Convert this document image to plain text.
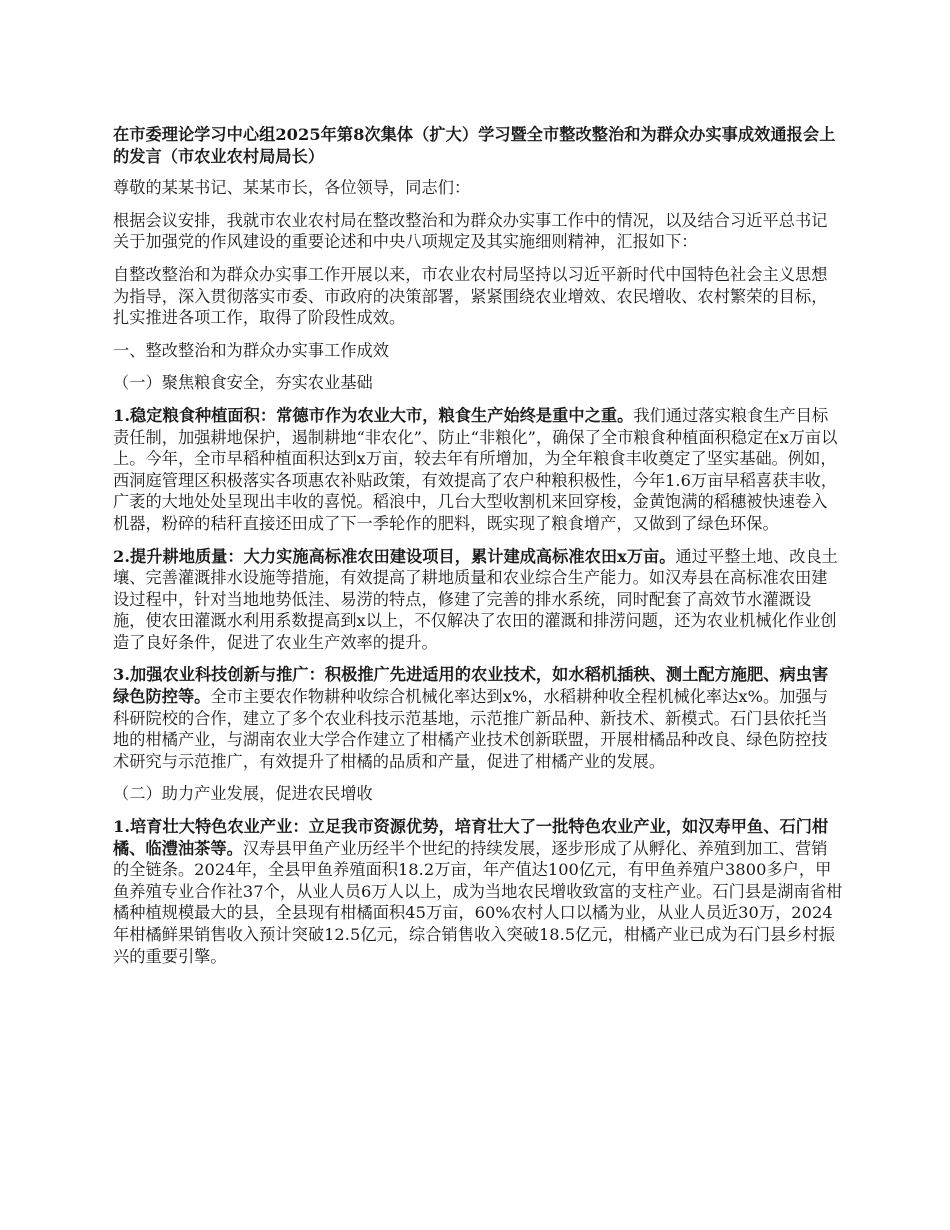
在市委理论学习中心组2025年第8次集体（扩大）学习暨全市整改整治和为群众办实事成效通报会上的发言（市农业农村局局长）
尊敬的某某书记、某某市长，各位领导，同志们：
根据会议安排，我就市农业农村局在整改整治和为群众办实事工作中的情况，以及结合习近平总书记关于加强党的作风建设的重要论述和中央八项规定及其实施细则精神，汇报如下：
自整改整治和为群众办实事工作开展以来，市农业农村局坚持以习近平新时代中国特色社会主义思想为指导，深入贯彻落实市委、市政府的决策部署，紧紧围绕农业增效、农民增收、农村繁荣的目标，扎实推进各项工作，取得了阶段性成效。
一、整改整治和为群众办实事工作成效
（一）聚焦粮食安全，夯实农业基础
1.稳定粮食种植面积：常德市作为农业大市，粮食生产始终是重中之重。我们通过落实粮食生产目标责任制，加强耕地保护，遏制耕地“非农化”、防止“非粮化”，确保了全市粮食种植面积稳定在x万亩以上。今年，全市早稻种植面积达到x万亩，较去年有所增加，为全年粮食丰收奠定了坚实基础。例如，西洞庭管理区积极落实各项惠农补贴政策，有效提高了农户种粮积极性，今年1.6万亩早稻喜获丰收，广袤的大地处处呈现出丰收的喜悦。稻浪中，几台大型收割机来回穿梭，金黄饱满的稻穗被快速卷入机器，粉碎的秸秆直接还田成了下一季轮作的肥料，既实现了粮食增产，又做到了绿色环保。
2.提升耕地质量：大力实施高标准农田建设项目，累计建成高标准农田x万亩。通过平整土地、改良土壤、完善灌溉排水设施等措施，有效提高了耕地质量和农业综合生产能力。如汉寿县在高标准农田建设过程中，针对当地地势低洼、易涝的特点，修建了完善的排水系统，同时配套了高效节水灌溉设施，使农田灌溉水利用系数提高到x以上，不仅解决了农田的灌溉和排涝问题，还为农业机械化作业创造了良好条件，促进了农业生产效率的提升。
3.加强农业科技创新与推广：积极推广先进适用的农业技术，如水稻机插秧、测土配方施肥、病虫害绿色防控等。全市主要农作物耕种收综合机械化率达到x%，水稻耕种收全程机械化率达x%。加强与科研院校的合作，建立了多个农业科技示范基地，示范推广新品种、新技术、新模式。石门县依托当地的柑橘产业，与湖南农业大学合作建立了柑橘产业技术创新联盟，开展柑橘品种改良、绿色防控技术研究与示范推广，有效提升了柑橘的品质和产量，促进了柑橘产业的发展。
（二）助力产业发展，促进农民增收
1.培育壮大特色农业产业：立足我市资源优势，培育壮大了一批特色农业产业，如汉寿甲鱼、石门柑橘、临澧油茶等。汉寿县甲鱼产业历经半个世纪的持续发展，逐步形成了从孵化、养殖到加工、营销的全链条。2024年，全县甲鱼养殖面积18.2万亩，年产值达100亿元，有甲鱼养殖户3800多户，甲鱼养殖专业合作社37个，从业人员6万人以上，成为当地农民增收致富的支柱产业。石门县是湖南省柑橘种植规模最大的县，全县现有柑橘面积45万亩，60%农村人口以橘为业，从业人员近30万，2024年柑橘鲜果销售收入预计突破12.5亿元，综合销售收入突破18.5亿元，柑橘产业已成为石门县乡村振兴的重要引擎。
